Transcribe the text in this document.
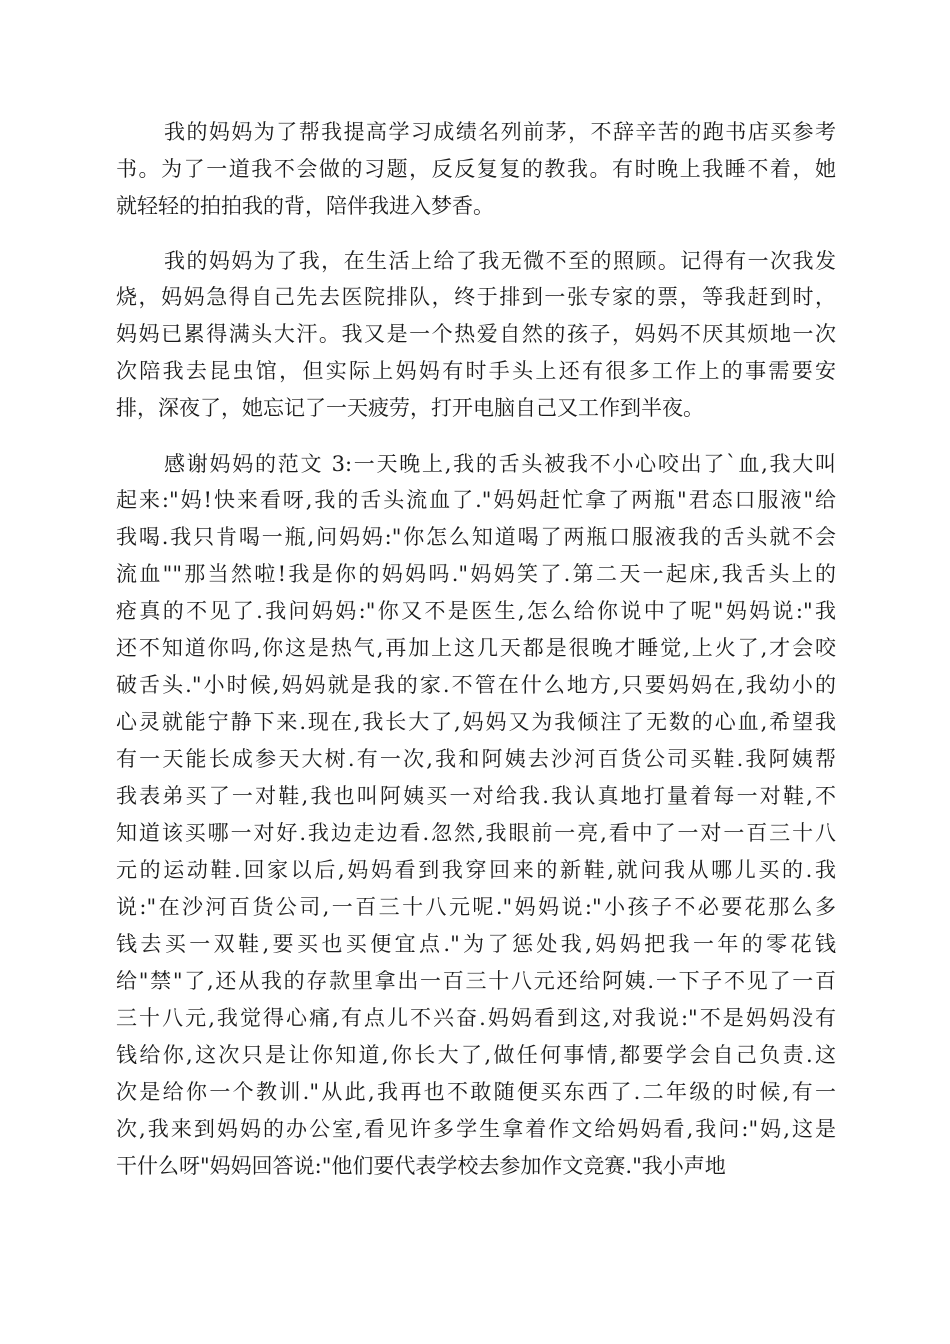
我的妈妈为了帮我提高学习成绩名列前茅，不辞辛苦的跑书店买参考

书。为了一道我不会做的习题，反反复复的教我。有时晚上我睡不着，她

就轻轻的拍拍我的背，陪伴我进入梦香。

我的妈妈为了我，在生活上给了我无微不至的照顾。记得有一次我发

烧，妈妈急得自己先去医院排队，终于排到一张专家的票，等我赶到时，

妈妈已累得满头大汗。我又是一个热爱自然的孩子，妈妈不厌其烦地一次

次陪我去昆虫馆，但实际上妈妈有时手头上还有很多工作上的事需要安

排，深夜了，她忘记了一天疲劳，打开电脑自己又工作到半夜。

感谢妈妈的范文 3:一天晚上,我的舌头被我不小心咬出了`血,我大叫

起来:"妈!快来看呀,我的舌头流血了."妈妈赶忙拿了两瓶"君态口服液"给

我喝.我只肯喝一瓶,问妈妈:"你怎么知道喝了两瓶口服液我的舌头就不会

流血""那当然啦!我是你的妈妈吗."妈妈笑了.第二天一起床,我舌头上的

疮真的不见了.我问妈妈:"你又不是医生,怎么给你说中了呢"妈妈说:"我

还不知道你吗,你这是热气,再加上这几天都是很晚才睡觉,上火了,才会咬

破舌头."小时候,妈妈就是我的家.不管在什么地方,只要妈妈在,我幼小的

心灵就能宁静下来.现在,我长大了,妈妈又为我倾注了无数的心血,希望我

有一天能长成参天大树.有一次,我和阿姨去沙河百货公司买鞋.我阿姨帮

我表弟买了一对鞋,我也叫阿姨买一对给我.我认真地打量着每一对鞋,不

知道该买哪一对好.我边走边看.忽然,我眼前一亮,看中了一对一百三十八

元的运动鞋.回家以后,妈妈看到我穿回来的新鞋,就问我从哪儿买的.我

说:"在沙河百货公司,一百三十八元呢."妈妈说:"小孩子不必要花那么多

钱去买一双鞋,要买也买便宜点."为了惩处我,妈妈把我一年的零花钱

给"禁"了,还从我的存款里拿出一百三十八元还给阿姨.一下子不见了一百

三十八元,我觉得心痛,有点儿不兴奋.妈妈看到这,对我说:"不是妈妈没有

钱给你,这次只是让你知道,你长大了,做任何事情,都要学会自己负责.这

次是给你一个教训."从此,我再也不敢随便买东西了.二年级的时候,有一

次,我来到妈妈的办公室,看见许多学生拿着作文给妈妈看,我问:"妈,这是

干什么呀"妈妈回答说:"他们要代表学校去参加作文竞赛."我小声地
